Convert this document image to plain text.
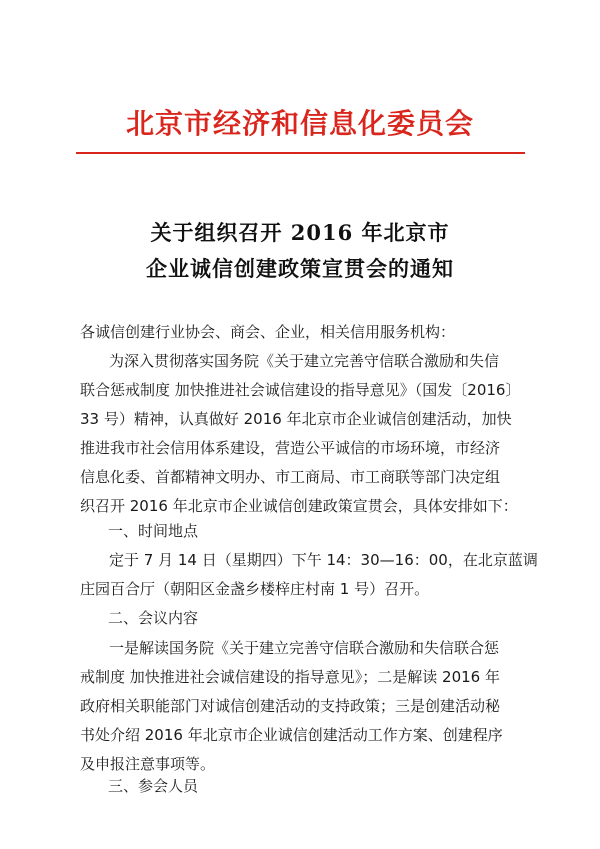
北京市经济和信息化委员会
关于组织召开 2016 年北京市
企业诚信创建政策宣贯会的通知
各诚信创建行业协会、商会、企业，相关信用服务机构：
为深入贯彻落实国务院《关于建立完善守信联合激励和失信
联合惩戒制度 加快推进社会诚信建设的指导意见》（国发〔2016〕
33 号）精神，认真做好 2016 年北京市企业诚信创建活动，加快
推进我市社会信用体系建设，营造公平诚信的市场环境，市经济
信息化委、首都精神文明办、市工商局、市工商联等部门决定组
织召开 2016 年北京市企业诚信创建政策宣贯会，具体安排如下：
一、时间地点
定于 7 月 14 日（星期四）下午 14：30—16：00，在北京蓝调
庄园百合厅（朝阳区金盏乡楼梓庄村南 1 号）召开。
二、会议内容
一是解读国务院《关于建立完善守信联合激励和失信联合惩
戒制度 加快推进社会诚信建设的指导意见》；二是解读 2016 年
政府相关职能部门对诚信创建活动的支持政策；三是创建活动秘
书处介绍 2016 年北京市企业诚信创建活动工作方案、创建程序
及申报注意事项等。
三、参会人员
